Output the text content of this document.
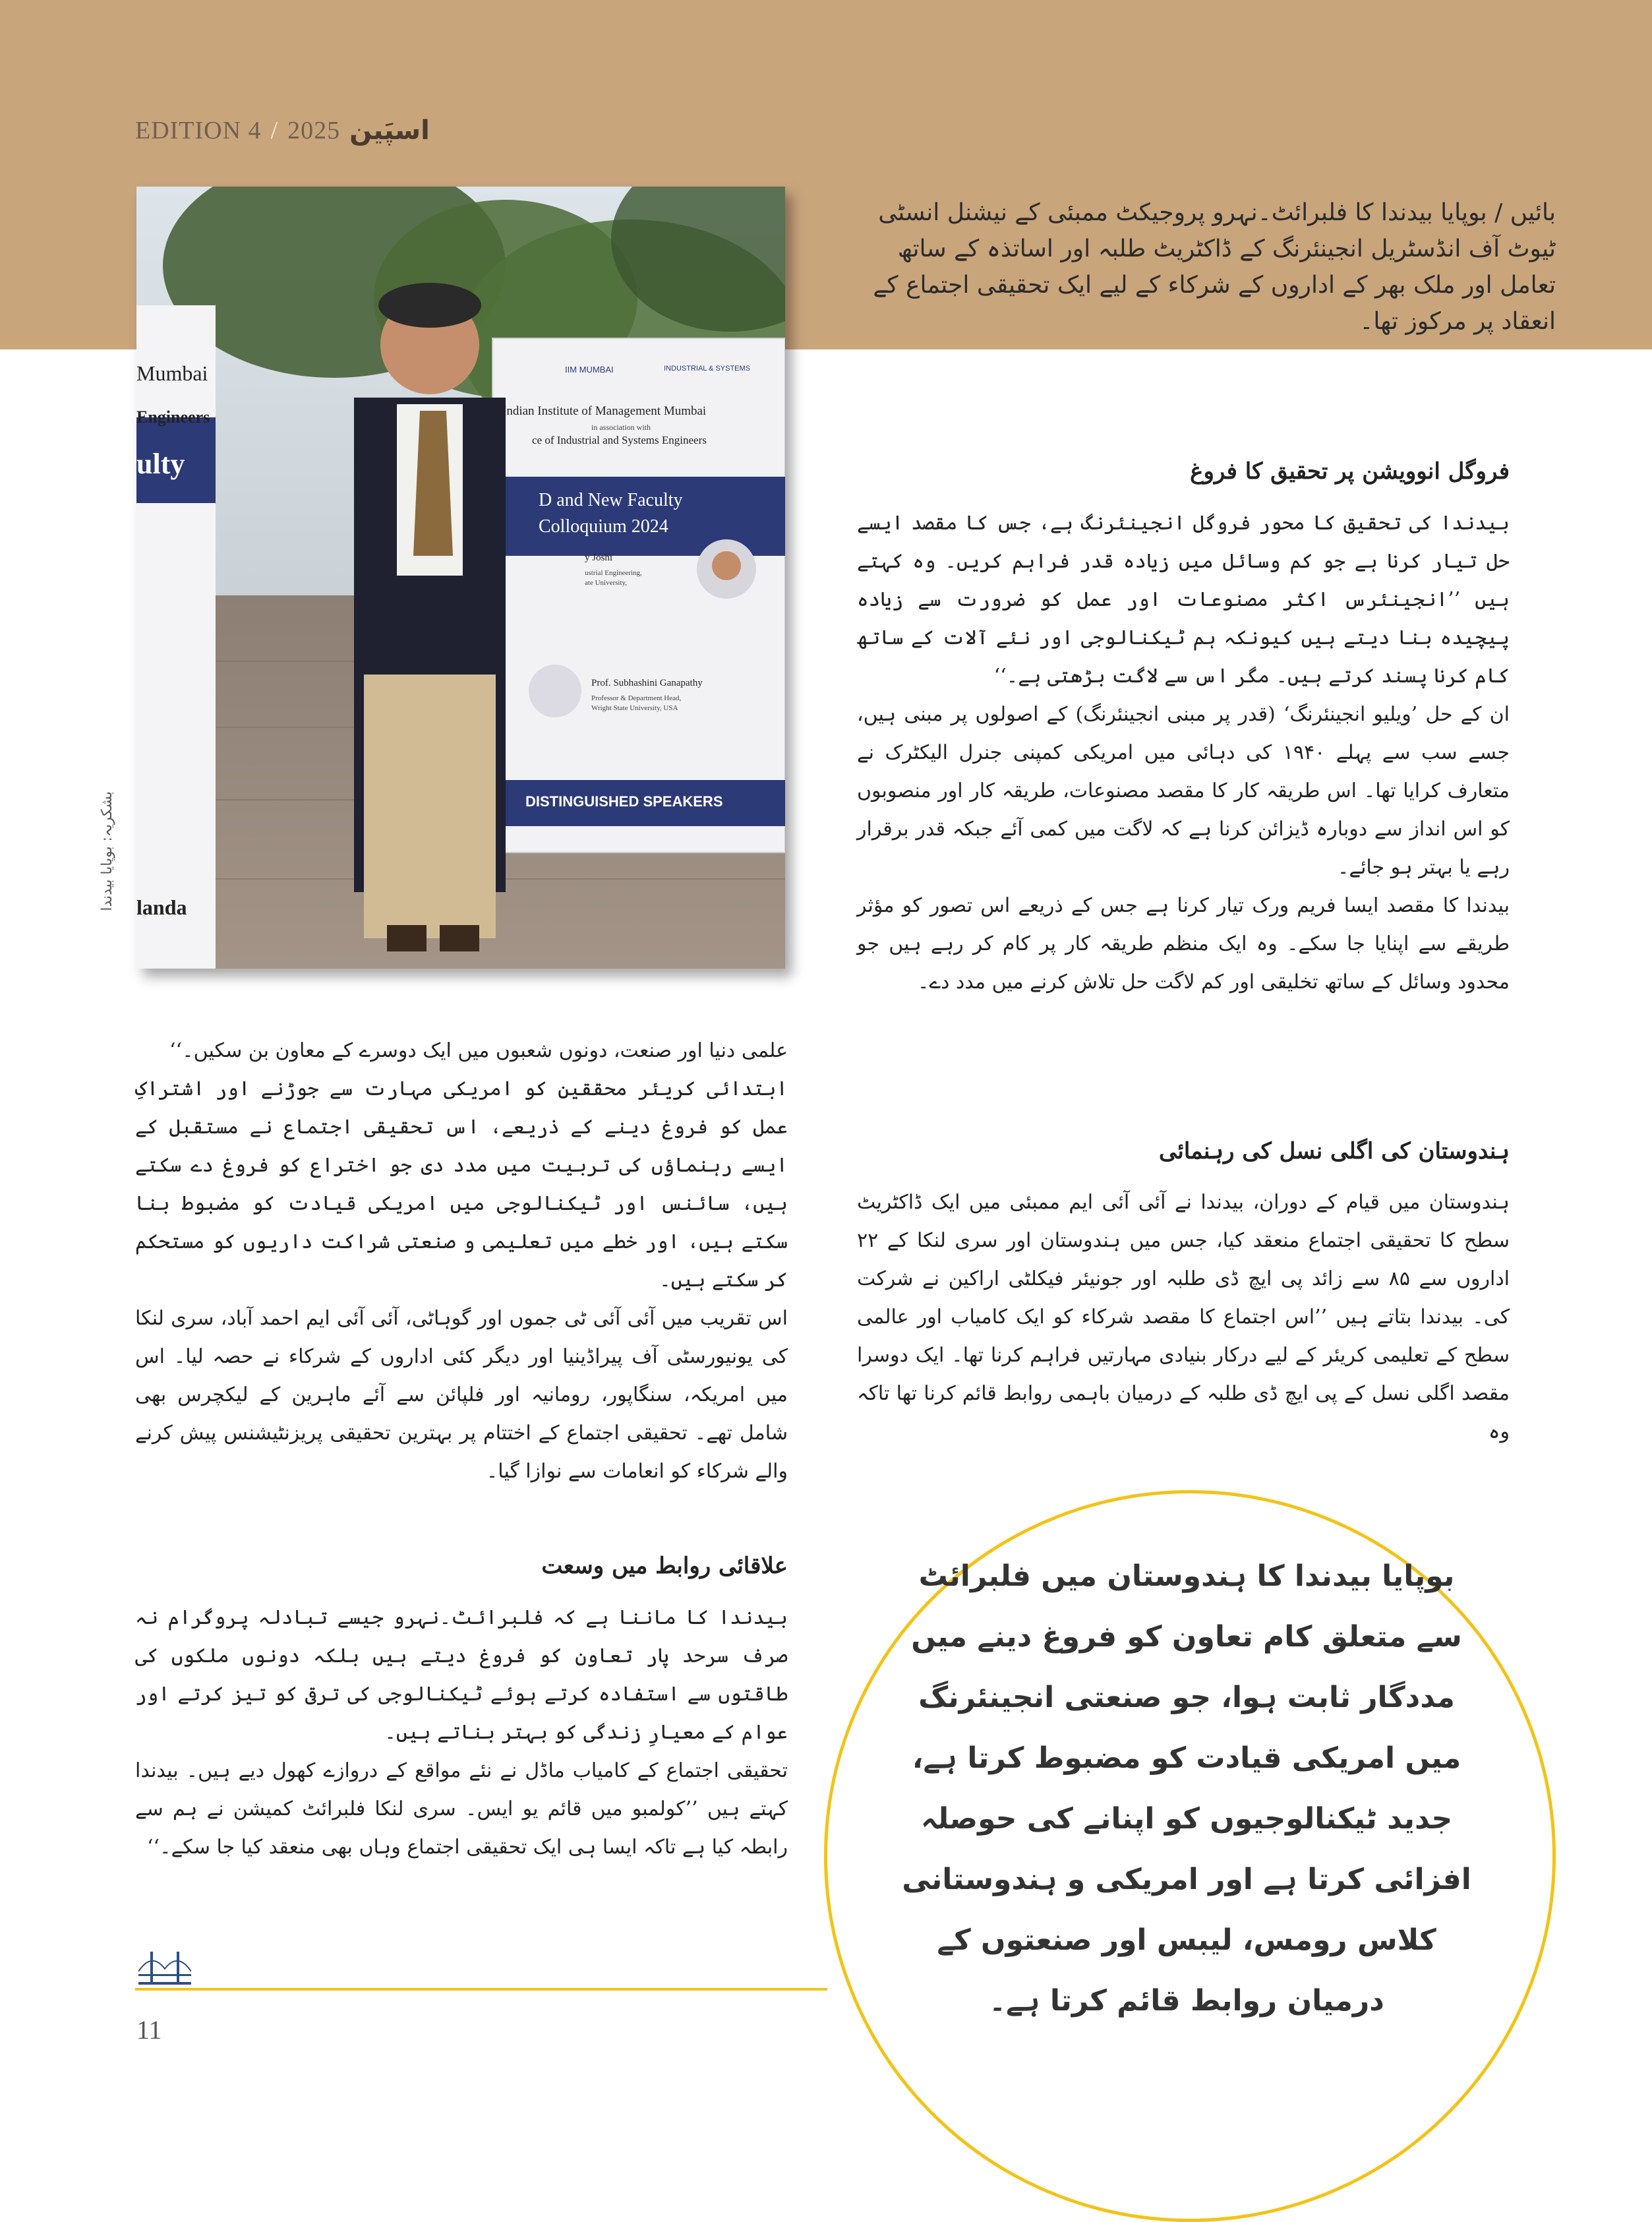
EDITION 4 / 2025 اسپَین
Mumbai
Engineers
ulty
landa
IIM MUMBAI	INDUSTRIAL & SYSTEMS
Indian Institute of Management Mumbai
in association with
ce of Industrial and Systems Engineers
D and New Faculty
Colloquium 2024
y Joshi
ustrial Engineering,
ate University,
Prof. Subhashini Ganapathy
Professor & Department Head,
Wright State University, USA
DISTINGUISHED SPEAKERS
بشکریہ: بوپایا بیدندا
بائیں / بوپایا بیدندا کا فلبرائٹ۔نہرو پروجیکٹ ممبئی کے نیشنل انسٹی ٹیوٹ آف انڈسٹریل انجینئرنگ کے ڈاکٹریٹ طلبہ اور اساتذہ کے ساتھ تعامل اور ملک بھر کے اداروں کے شرکاء کے لیے ایک تحقیقی اجتماع کے انعقاد پر مرکوز تھا۔
فروگل انوویشن پر تحقیق کا فروغ

بیدندا کی تحقیق کا محور فروگل انجینئرنگ ہے، جس کا مقصد ایسے حل تیار کرنا ہے جو کم وسائل میں زیادہ قدر فراہم کریں۔ وہ کہتے ہیں ’’انجینئرس اکثر مصنوعات اور عمل کو ضرورت سے زیادہ پیچیدہ بنا دیتے ہیں کیونکہ ہم ٹیکنالوجی اور نئے آلات کے ساتھ کام کرنا پسند کرتے ہیں۔ مگر اس سے لاگت بڑھتی ہے۔‘‘

ان کے حل ’ویلیو انجینئرنگ‘ (قدر پر مبنی انجینئرنگ) کے اصولوں پر مبنی ہیں، جسے سب سے پہلے ۱۹۴۰ کی دہائی میں امریکی کمپنی جنرل الیکٹرک نے متعارف کرایا تھا۔ اس طریقہ کار کا مقصد مصنوعات، طریقہ کار اور منصوبوں کو اس انداز سے دوبارہ ڈیزائن کرنا ہے کہ لاگت میں کمی آئے جبکہ قدر برقرار رہے یا بہتر ہو جائے۔

بیدندا کا مقصد ایسا فریم ورک تیار کرنا ہے جس کے ذریعے اس تصور کو مؤثر طریقے سے اپنایا جا سکے۔ وہ ایک منظم طریقہ کار پر کام کر رہے ہیں جو محدود وسائل کے ساتھ تخلیقی اور کم لاگت حل تلاش کرنے میں مدد دے۔

ہندوستان کی اگلی نسل کی رہنمائی

ہندوستان میں قیام کے دوران، بیدندا نے آئی آئی ایم ممبئی میں ایک ڈاکٹریٹ سطح کا تحقیقی اجتماع منعقد کیا، جس میں ہندوستان اور سری لنکا کے ۲۲ اداروں سے ۸۵ سے زائد پی ایچ ڈی طلبہ اور جونیئر فیکلٹی اراکین نے شرکت کی۔ بیدندا بتاتے ہیں ’’اس اجتماع کا مقصد شرکاء کو ایک کامیاب اور عالمی سطح کے تعلیمی کریئر کے لیے درکار بنیادی مہارتیں فراہم کرنا تھا۔ ایک دوسرا مقصد اگلی نسل کے پی ایچ ڈی طلبہ کے درمیان باہمی روابط قائم کرنا تھا تاکہ وہ

علمی دنیا اور صنعت، دونوں شعبوں میں ایک دوسرے کے معاون بن سکیں۔‘‘

ابتدائی کریئر محققین کو امریکی مہارت سے جوڑنے اور اشتراکِ عمل کو فروغ دینے کے ذریعے، اس تحقیقی اجتماع نے مستقبل کے ایسے رہنماؤں کی تربیت میں مدد دی جو اختراع کو فروغ دے سکتے ہیں، سائنس اور ٹیکنالوجی میں امریکی قیادت کو مضبوط بنا سکتے ہیں، اور خطے میں تعلیمی و صنعتی شراکت داریوں کو مستحکم کر سکتے ہیں۔

اس تقریب میں آئی آئی ٹی جموں اور گوہاٹی، آئی آئی ایم احمد آباد، سری لنکا کی یونیورسٹی آف پیراڈینیا اور دیگر کئی اداروں کے شرکاء نے حصہ لیا۔ اس میں امریکہ، سنگاپور، رومانیہ اور فلپائن سے آئے ماہرین کے لیکچرس بھی شامل تھے۔ تحقیقی اجتماع کے اختتام پر بہترین تحقیقی پریزنٹیشنس پیش کرنے والے شرکاء کو انعامات سے نوازا گیا۔

علاقائی روابط میں وسعت

بیدندا کا ماننا ہے کہ فلبرائٹ۔نہرو جیسے تبادلہ پروگرام نہ صرف سرحد پار تعاون کو فروغ دیتے ہیں بلکہ دونوں ملکوں کی طاقتوں سے استفادہ کرتے ہوئے ٹیکنالوجی کی ترقی کو تیز کرتے اور عوام کے معیارِ زندگی کو بہتر بناتے ہیں۔

تحقیقی اجتماع کے کامیاب ماڈل نے نئے مواقع کے دروازے کھول دیے ہیں۔ بیدندا کہتے ہیں ’’کولمبو میں قائم یو ایس۔ سری لنکا فلبرائٹ کمیشن نے ہم سے رابطہ کیا ہے تاکہ ایسا ہی ایک تحقیقی اجتماع وہاں بھی منعقد کیا جا سکے۔‘‘

بوپایا بیدندا کا ہندوستان میں فلبرائٹ سے متعلق کام تعاون کو فروغ دینے میں مددگار ثابت ہوا، جو صنعتی انجینئرنگ میں امریکی قیادت کو مضبوط کرتا ہے، جدید ٹیکنالوجیوں کو اپنانے کی حوصلہ افزائی کرتا ہے اور امریکی و ہندوستانی کلاس رومس، لیبس اور صنعتوں کے درمیان روابط قائم کرتا ہے۔
11
